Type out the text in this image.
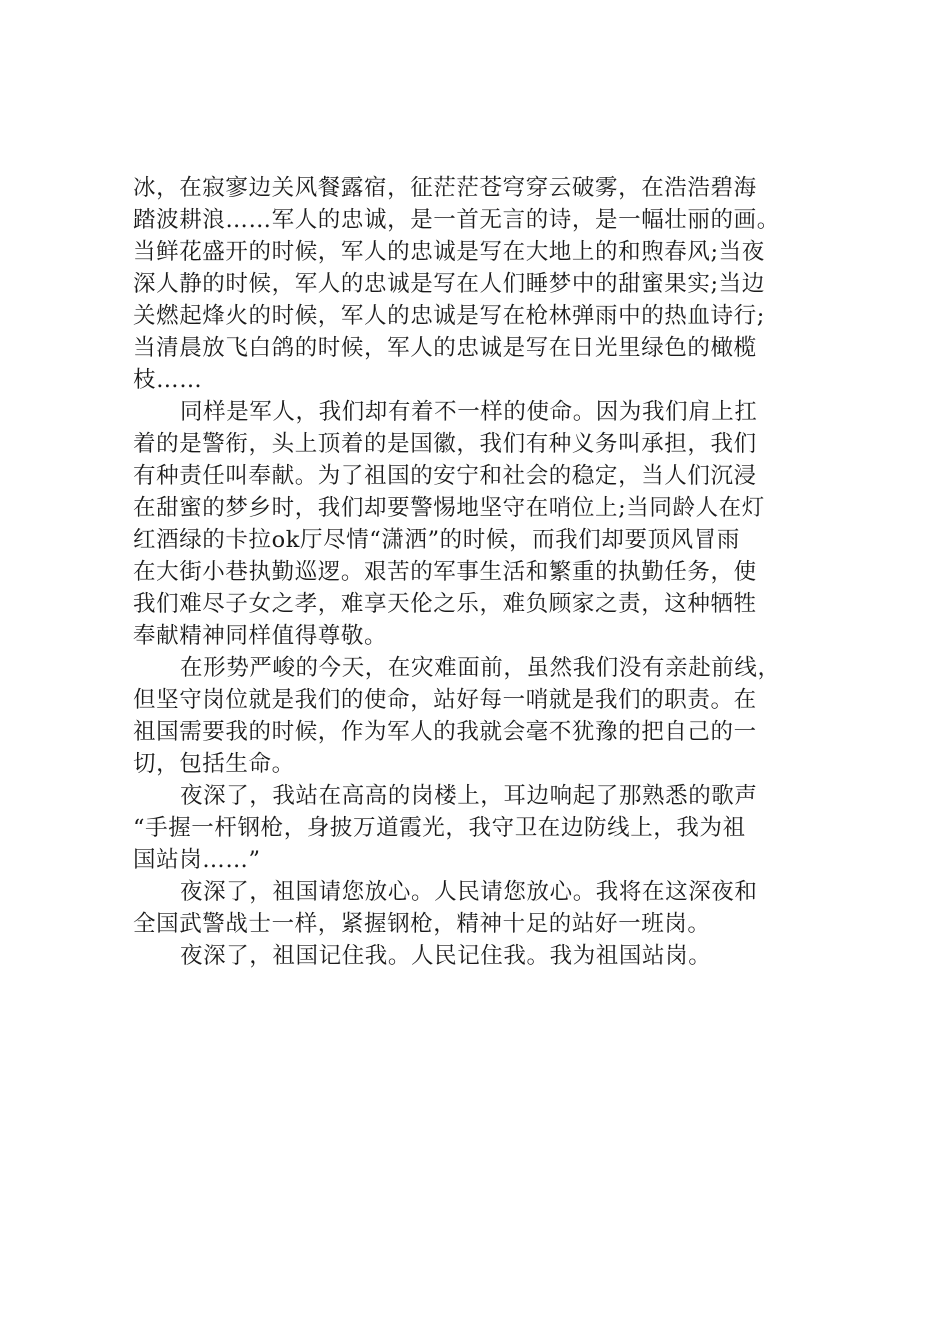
冰，在寂寥边关风餐露宿，征茫茫苍穹穿云破雾，在浩浩碧海
踏波耕浪……军人的忠诚，是一首无言的诗，是一幅壮丽的画。
当鲜花盛开的时候，军人的忠诚是写在大地上的和煦春风;当夜
深人静的时候，军人的忠诚是写在人们睡梦中的甜蜜果实;当边
关燃起烽火的时候，军人的忠诚是写在枪林弹雨中的热血诗行;
当清晨放飞白鸽的时候，军人的忠诚是写在日光里绿色的橄榄
枝……
同样是军人，我们却有着不一样的使命。因为我们肩上扛
着的是警衔，头上顶着的是国徽，我们有种义务叫承担，我们
有种责任叫奉献。为了祖国的安宁和社会的稳定，当人们沉浸
在甜蜜的梦乡时，我们却要警惕地坚守在哨位上;当同龄人在灯
红酒绿的卡拉ok厅尽情“潇洒”的时候，而我们却要顶风冒雨
在大街小巷执勤巡逻。艰苦的军事生活和繁重的执勤任务，使
我们难尽子女之孝，难享天伦之乐，难负顾家之责，这种牺牲
奉献精神同样值得尊敬。
在形势严峻的今天，在灾难面前，虽然我们没有亲赴前线，
但坚守岗位就是我们的使命，站好每一哨就是我们的职责。在
祖国需要我的时候，作为军人的我就会毫不犹豫的把自己的一
切，包括生命。
夜深了，我站在高高的岗楼上，耳边响起了那熟悉的歌声
“手握一杆钢枪，身披万道霞光，我守卫在边防线上，我为祖
国站岗……”
夜深了，祖国请您放心。人民请您放心。我将在这深夜和
全国武警战士一样，紧握钢枪，精神十足的站好一班岗。
夜深了，祖国记住我。人民记住我。我为祖国站岗。
